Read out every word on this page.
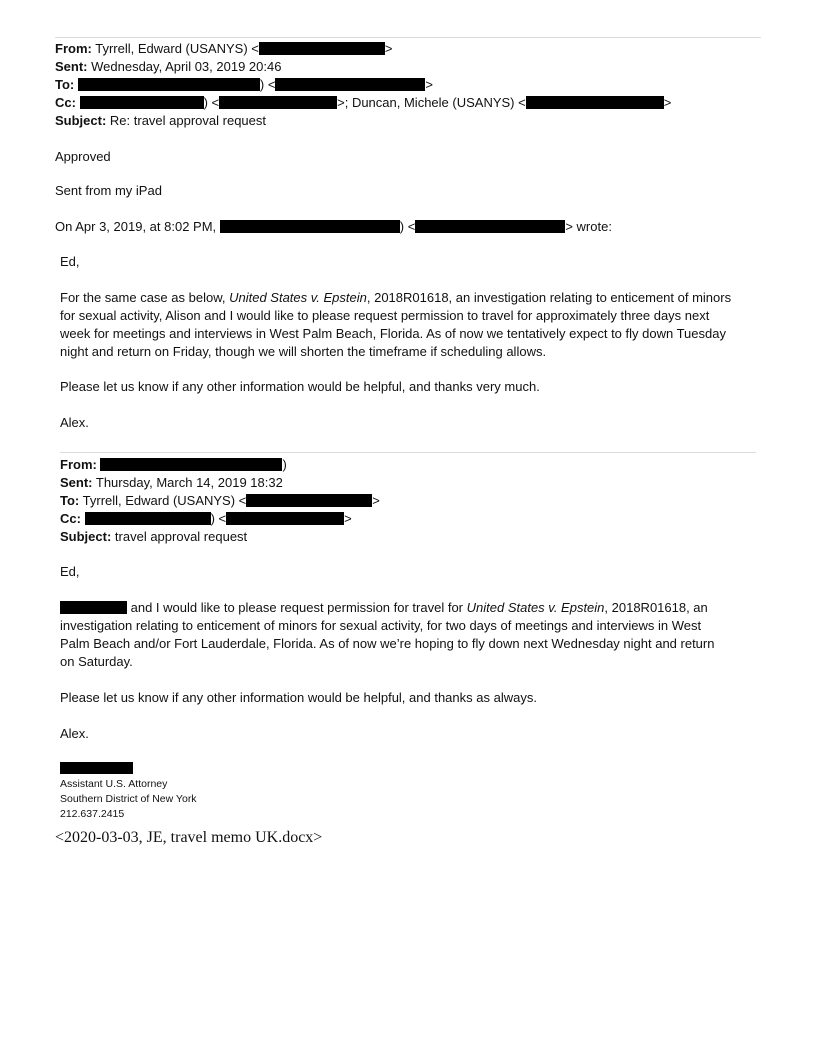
From: Tyrrell, Edward (USANYS) <	>
Sent: Wednesday, April 03, 2019 20:46
To:	) <	>
Cc:	) <	>; Duncan, Michele (USANYS) <	>
Subject: Re: travel approval request
Approved
Sent from my iPad
On Apr 3, 2019, at 8:02 PM,	) <	> wrote:
Ed,
For the same case as below, United States v. Epstein, 2018R01618, an investigation relating to enticement of minors
for sexual activity, Alison and I would like to please request permission to travel for approximately three days next
week for meetings and interviews in West Palm Beach, Florida. As of now we tentatively expect to fly down Tuesday
night and return on Friday, though we will shorten the timeframe if scheduling allows.
Please let us know if any other information would be helpful, and thanks very much.
Alex.
From:	)
Sent: Thursday, March 14, 2019 18:32
To: Tyrrell, Edward (USANYS) <	>
Cc:	) <	>
Subject: travel approval request
Ed,
and I would like to please request permission for travel for United States v. Epstein, 2018R01618, an
investigation relating to enticement of minors for sexual activity, for two days of meetings and interviews in West
Palm Beach and/or Fort Lauderdale, Florida. As of now we’re hoping to fly down next Wednesday night and return
on Saturday.
Please let us know if any other information would be helpful, and thanks as always.
Alex.
Assistant U.S. Attorney
Southern District of New York
212.637.2415
<2020-03-03, JE, travel memo UK.docx>
